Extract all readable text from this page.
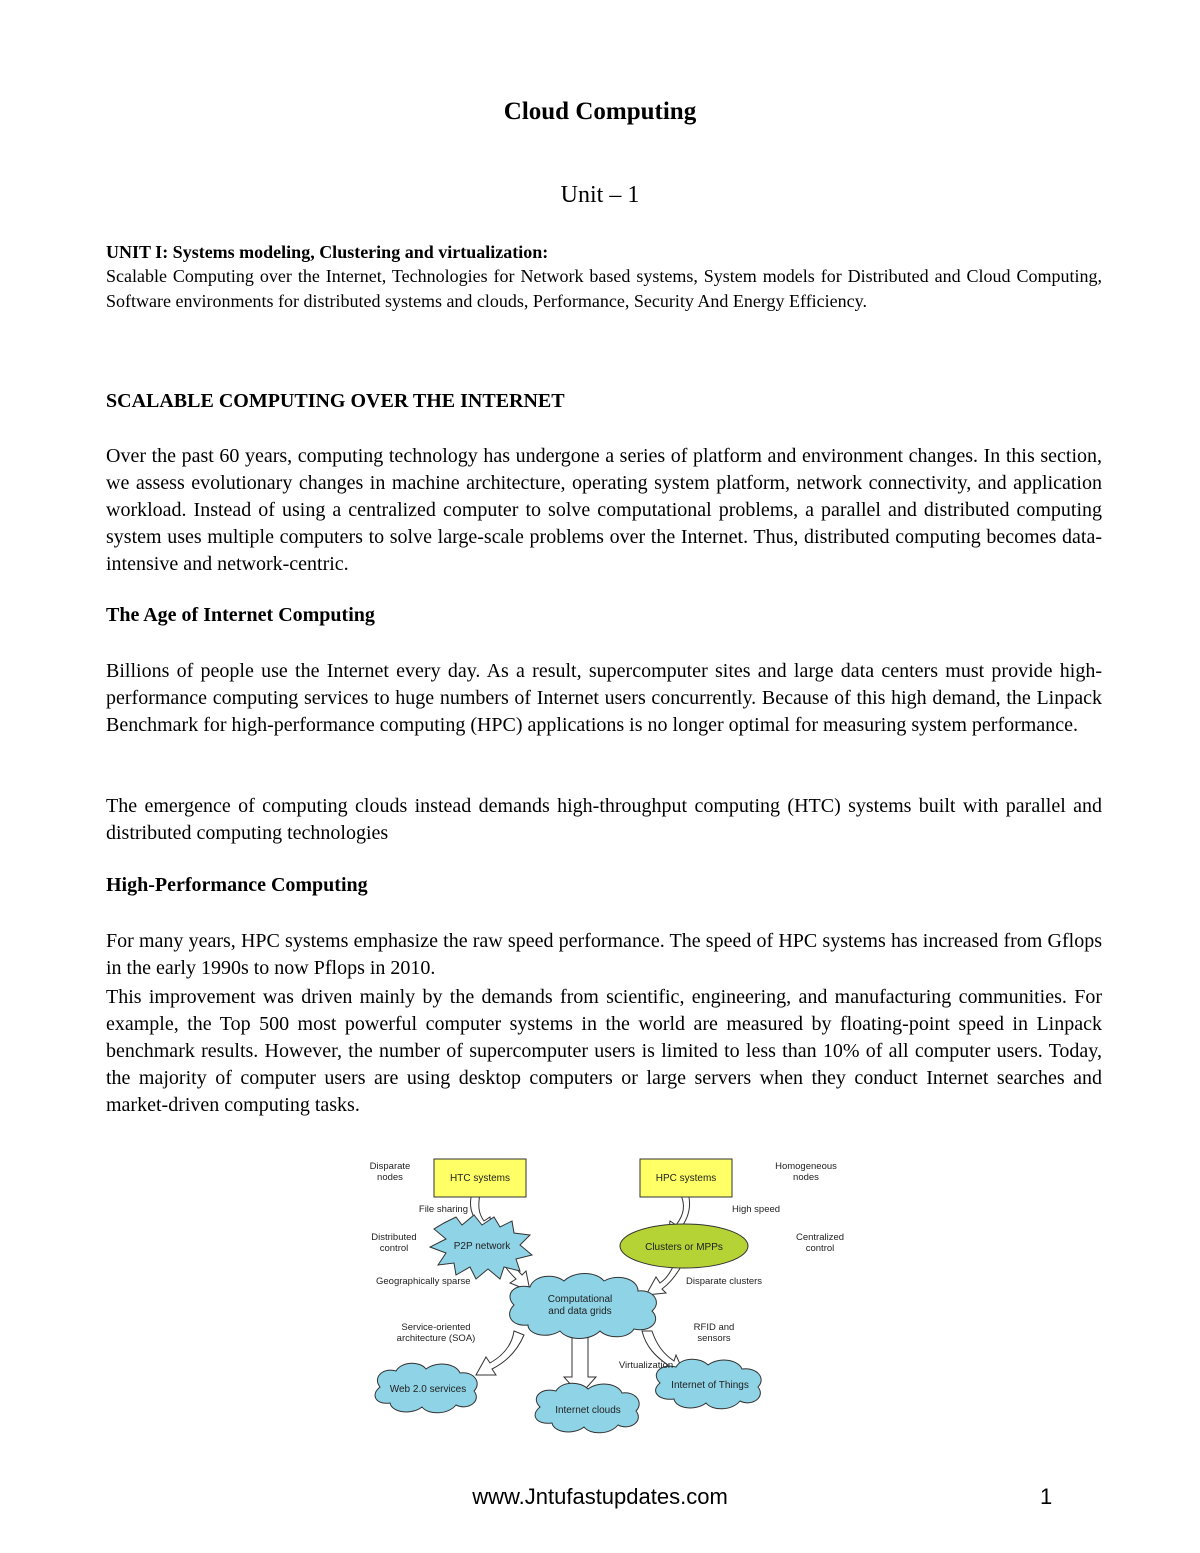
Cloud Computing
Unit – 1
UNIT I: Systems modeling, Clustering and virtualization:
Scalable Computing over the Internet, Technologies for Network based systems, System models for Distributed and Cloud Computing, Software environments for distributed systems and clouds, Performance, Security And Energy Efficiency.
SCALABLE COMPUTING OVER THE INTERNET
Over the past 60 years, computing technology has undergone a series of platform and environment changes. In this section, we assess evolutionary changes in machine architecture, operating system platform, network connectivity, and application workload. Instead of using a centralized computer to solve computational problems, a parallel and distributed computing system uses multiple computers to solve large-scale problems over the Internet. Thus, distributed computing becomes data-intensive and network-centric.
The Age of Internet Computing
Billions of people use the Internet every day. As a result, supercomputer sites and large data centers must provide high-performance computing services to huge numbers of Internet users concurrently. Because of this high demand, the Linpack Benchmark for high-performance computing (HPC) applications is no longer optimal for measuring system performance.
The emergence of computing clouds instead demands high-throughput computing (HTC) systems built with parallel and distributed computing technologies
High-Performance Computing
For many years, HPC systems emphasize the raw speed performance. The speed of HPC systems has increased from Gflops in the early 1990s to now Pflops in 2010.
This improvement was driven mainly by the demands from scientific, engineering, and manufacturing communities. For example, the Top 500 most powerful computer systems in the world are measured by floating-point speed in Linpack benchmark results. However, the number of supercomputer users is limited to less than 10% of all computer users. Today, the majority of computer users are using desktop computers or large servers when they conduct Internet searches and market-driven computing tasks.
HTC systems	HPC systems
P2P network	Clusters or MPPs
Computational
and data grids
Web 2.0 services
Internet clouds
Internet of Things
Disparate
nodes
Homogeneous
nodes
File sharing	High speed
Distributed
control
Centralized
control
Geographically sparse	Disparate clusters
Service-oriented
architecture (SOA)
RFID and
sensors
Virtualization
www.Jntufastupdates.com	1
